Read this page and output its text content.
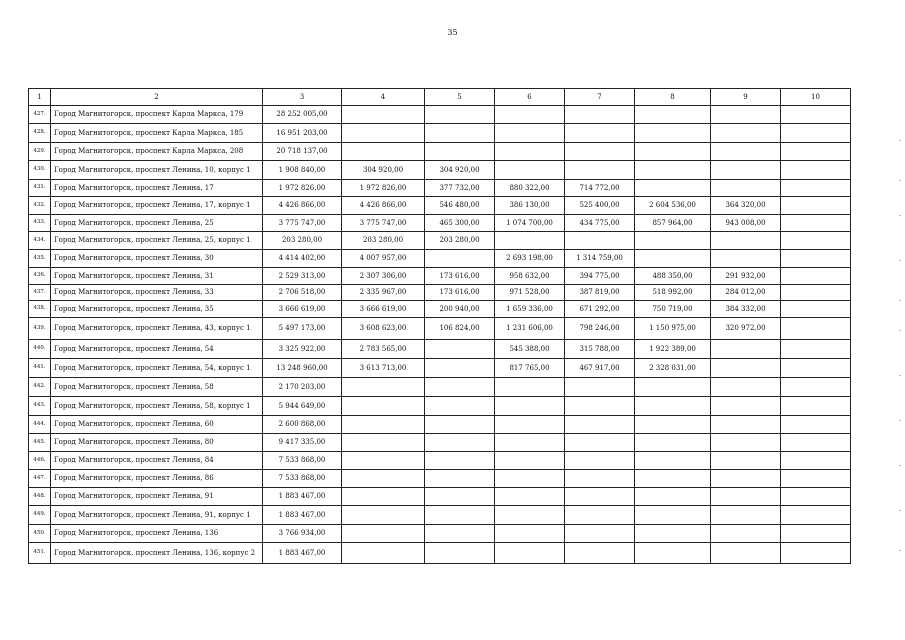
35
1	2	3	4	5	6	7	8	9	10
427.	Город Магнитогорск, проспект Карла Маркса, 179	28 252 005,00							
428.	Город Магнитогорск, проспект Карла Маркса, 185	16 951 203,00							
429.	Город Магнитогорск, проспект Карла Маркса, 208	20 718 137,00							
430.	Город Магнитогорск, проспект Ленина, 10, корпус 1	1 908 840,00	304 920,00	304 920,00					
431.	Город Магнитогорск, проспект Ленина, 17	1 972 826,00	1 972 826,00	377 732,00	880 322,00	714 772,00			
432.	Город Магнитогорск, проспект Ленина, 17, корпус 1	4 426 866,00	4 426 866,00	546 480,00	386 130,00	525 400,00	2 604 536,00	364 320,00	
433.	Город Магнитогорск, проспект Ленина, 25	3 775 747,00	3 775 747,00	465 300,00	1 074 700,00	434 775,00	857 964,00	943 008,00	
434.	Город Магнитогорск, проспект Ленина, 25, корпус 1	203 280,00	203 280,00	203 280,00					
435.	Город Магнитогорск, проспект Ленина, 30	4 414 402,00	4 007 957,00		2 693 198,00	1 314 759,00			
436.	Город Магнитогорск, проспект Ленина, 31	2 529 313,00	2 307 306,00	173 616,00	958 632,00	394 775,00	488 350,00	291 932,00	
437.	Город Магнитогорск, проспект Ленина, 33	2 706 518,00	2 335 967,00	173 616,00	971 528,00	387 819,00	518 992,00	284 012,00	
438.	Город Магнитогорск, проспект Ленина, 35	3 666 619,00	3 666 619,00	200 940,00	1 659 336,00	671 292,00	750 719,00	384 332,00	
439.	Город Магнитогорск, проспект Ленина, 43, корпус 1	5 497 173,00	3 608 623,00	106 824,00	1 231 606,00	798 246,00	1 150 975,00	320 972,00	
440.	Город Магнитогорск, проспект Ленина, 54	3 325 922,00	2 783 565,00		545 388,00	315 788,00	1 922 389,00		
441.	Город Магнитогорск, проспект Ленина, 54, корпус 1	13 248 960,00	3 613 713,00		817 765,00	467 917,00	2 328 031,00		
442.	Город Магнитогорск, проспект Ленина, 58	2 170 203,00							
443.	Город Магнитогорск, проспект Ленина, 58, корпус 1	5 944 649,00							
444.	Город Магнитогорск, проспект Ленина, 60	2 600 868,00							
445.	Город Магнитогорск, проспект Ленина, 80	9 417 335,00							
446.	Город Магнитогорск, проспект Ленина, 84	7 533 868,00							
447.	Город Магнитогорск, проспект Ленина, 86	7 533 868,00							
448.	Город Магнитогорск, проспект Ленина, 91	1 883 467,00							
449.	Город Магнитогорск, проспект Ленина, 91, корпус 1	1 883 467,00							
450.	Город Магнитогорск, проспект Ленина, 136	3 766 934,00							
451.	Город Магнитогорск, проспект Ленина, 136, корпус 2	1 883 467,00							
